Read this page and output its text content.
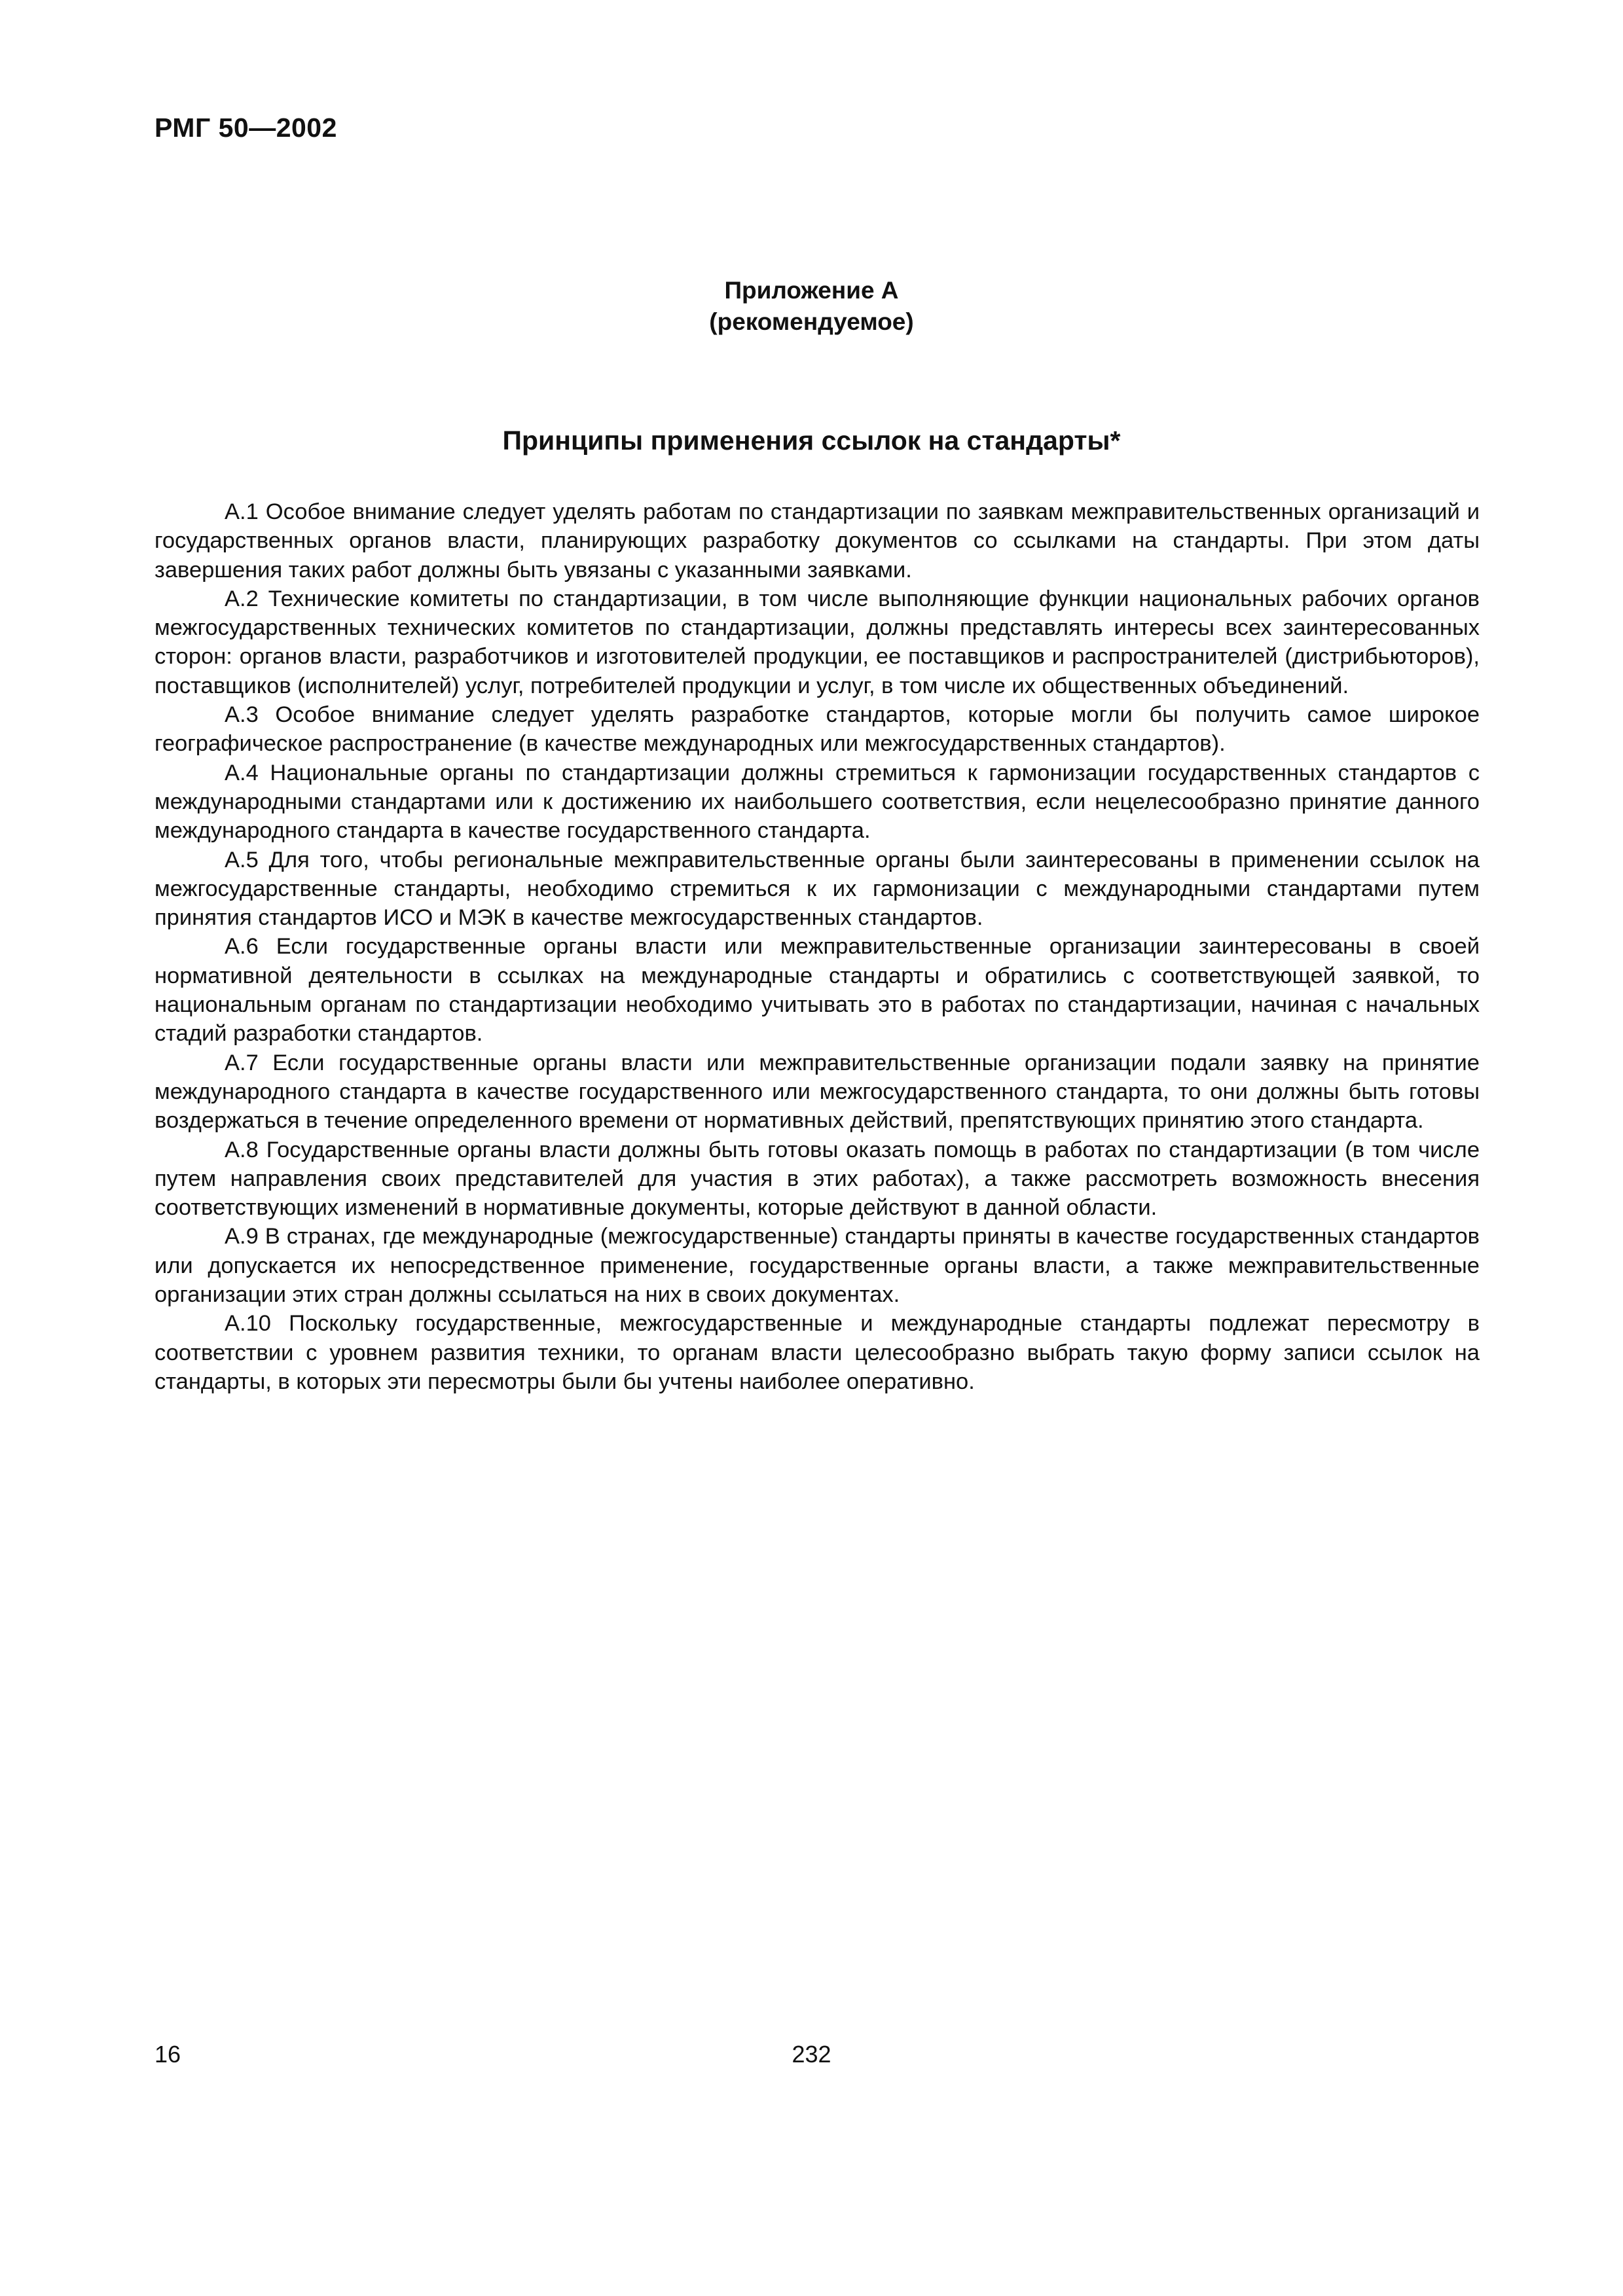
РМГ 50—2002

Приложение А
(рекомендуемое)
Принципы применения ссылок на стандарты*

А.1 Особое внимание следует уделять работам по стандартизации по заявкам межправительственных организаций и государственных органов власти, планирующих разработку документов со ссылками на стандарты. При этом даты завершения таких работ должны быть увязаны с указанными заявками.

А.2 Технические комитеты по стандартизации, в том числе выполняющие функции национальных рабочих органов межгосударственных технических комитетов по стандартизации, должны представлять интересы всех заинтересованных сторон: органов власти, разработчиков и изготовителей продукции, ее поставщиков и распространителей (дистрибьюторов), поставщиков (исполнителей) услуг, потребителей продукции и услуг, в том числе их общественных объединений.

А.3 Особое внимание следует уделять разработке стандартов, которые могли бы получить самое широкое географическое распространение (в качестве международных или межгосударственных стандартов).

А.4 Национальные органы по стандартизации должны стремиться к гармонизации государственных стандартов с международными стандартами или к достижению их наибольшего соответствия, если нецелесообразно принятие данного международного стандарта в качестве государственного стандарта.

А.5 Для того, чтобы региональные межправительственные органы были заинтересованы в применении ссылок на межгосударственные стандарты, необходимо стремиться к их гармонизации с международными стандартами путем принятия стандартов ИСО и МЭК в качестве межгосударственных стандартов.

А.6 Если государственные органы власти или межправительственные организации заинтересованы в своей нормативной деятельности в ссылках на международные стандарты и обратились с соответствующей заявкой, то национальным органам по стандартизации необходимо учитывать это в работах по стандартизации, начиная с начальных стадий разработки стандартов.

А.7 Если государственные органы власти или межправительственные организации подали заявку на принятие международного стандарта в качестве государственного или межгосударственного стандарта, то они должны быть готовы воздержаться в течение определенного времени от нормативных действий, препятствующих принятию этого стандарта.

А.8 Государственные органы власти должны быть готовы оказать помощь в работах по стандартизации (в том числе путем направления своих представителей для участия в этих работах), а также рассмотреть возможность внесения соответствующих изменений в нормативные документы, которые действуют в данной области.

А.9 В странах, где международные (межгосударственные) стандарты приняты в качестве государственных стандартов или допускается их непосредственное применение, государственные органы власти, а также межправительственные организации этих стран должны ссылаться на них в своих документах.

А.10 Поскольку государственные, межгосударственные и международные стандарты подлежат пересмотру в соответствии с уровнем развития техники, то органам власти целесообразно выбрать такую форму записи ссылок на стандарты, в которых эти пересмотры были бы учтены наиболее оперативно.

16	232
